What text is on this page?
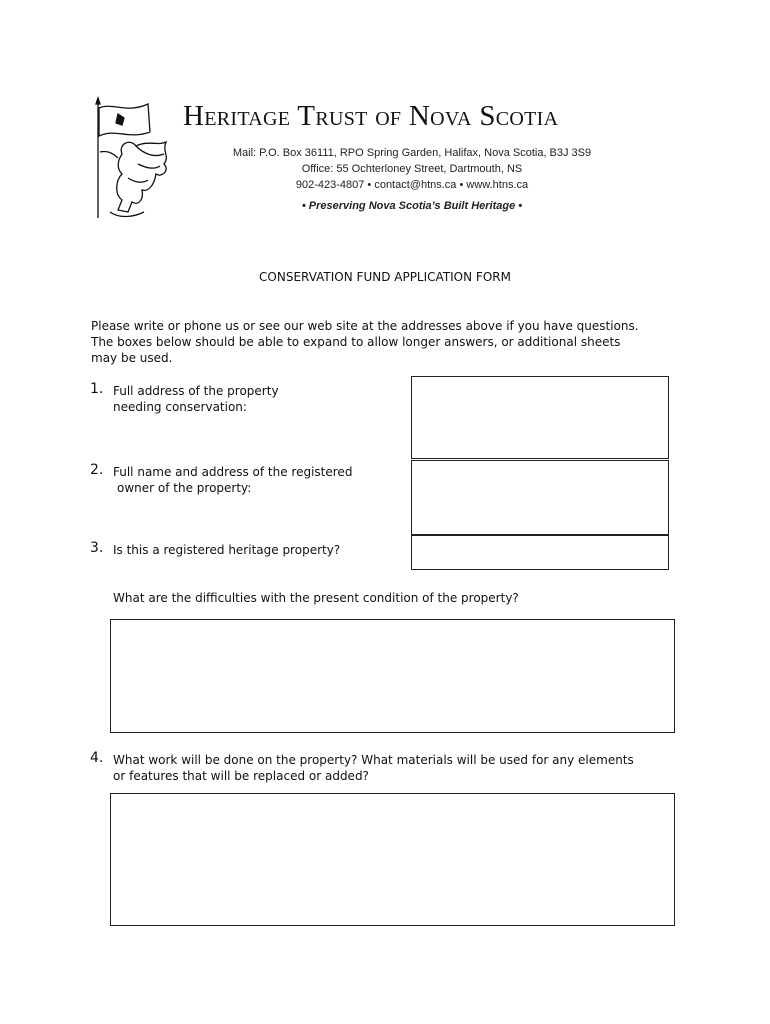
Heritage Trust of Nova Scotia
Mail: P.O. Box 36111, RPO Spring Garden, Halifax, Nova Scotia, B3J 3S9
Office: 55 Ochterloney Street, Dartmouth, NS
902-423-4807 • contact@htns.ca • www.htns.ca
• Preserving Nova Scotia’s Built Heritage •
CONSERVATION FUND APPLICATION FORM
Please write or phone us or see our web site at the addresses above if you have questions.
The boxes below should be able to expand to allow longer answers, or additional sheets
may be used.
1. Full address of the property
needing conservation:
2. Full name and address of the registered
owner of the property:
3. Is this a registered heritage property?
What are the difficulties with the present condition of the property?
4. What work will be done on the property? What materials will be used for any elements
or features that will be replaced or added?
